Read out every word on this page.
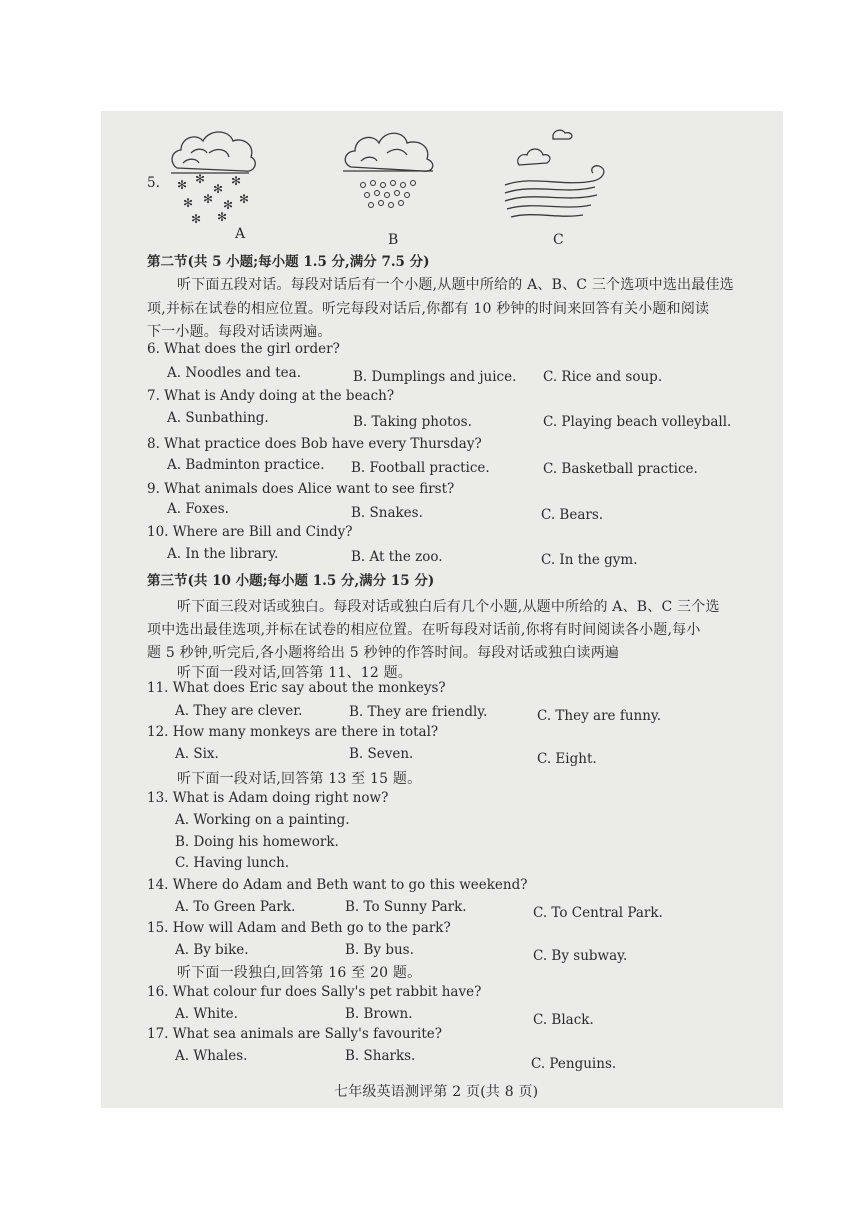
5. ✻ ✻
✻
✻
✻ ✻ ✻ ✻
✻ ✻
A	B	C
第二节(共 5 小题;每小题 1.5 分,满分 7.5 分)
听下面五段对话。每段对话后有一个小题,从题中所给的 A、B、C 三个选项中选出最佳选
项,并标在试卷的相应位置。听完每段对话后,你都有 10 秒钟的时间来回答有关小题和阅读
下一小题。每段对话读两遍。
6. What does the girl order?
A. Noodles and tea.	B. Dumplings and juice. C. Rice and soup.
7. What is Andy doing at the beach?
A. Sunbathing.	B. Taking photos.	C. Playing beach volleyball.
8. What practice does Bob have every Thursday?
A. Badminton practice. B. Football practice.	C. Basketball practice.
9. What animals does Alice want to see first?
A. Foxes.	B. Snakes.	C. Bears.
10. Where are Bill and Cindy?
A. In the library.	B. At the zoo.	C. In the gym.
第三节(共 10 小题;每小题 1.5 分,满分 15 分)
听下面三段对话或独白。每段对话或独白后有几个小题,从题中所给的 A、B、C 三个选
项中选出最佳选项,并标在试卷的相应位置。在听每段对话前,你将有时间阅读各小题,每小
题 5 秒钟,听完后,各小题将给出 5 秒钟的作答时间。每段对话或独白读两遍
听下面一段对话,回答第 11、12 题。
11. What does Eric say about the monkeys?
A. They are clever.	B. They are friendly.	C. They are funny.
12. How many monkeys are there in total?
A. Six.	B. Seven.	C. Eight.
听下面一段对话,回答第 13 至 15 题。
13. What is Adam doing right now?
A. Working on a painting.
B. Doing his homework.
C. Having lunch.
14. Where do Adam and Beth want to go this weekend?
A. To Green Park.	B. To Sunny Park.	C. To Central Park.
15. How will Adam and Beth go to the park?
A. By bike.	B. By bus.	C. By subway.
听下面一段独白,回答第 16 至 20 题。
16. What colour fur does Sally's pet rabbit have?
A. White.	B. Brown.	C. Black.
17. What sea animals are Sally's favourite?
A. Whales.	B. Sharks.	C. Penguins.
七年级英语测评第 2 页(共 8 页)
